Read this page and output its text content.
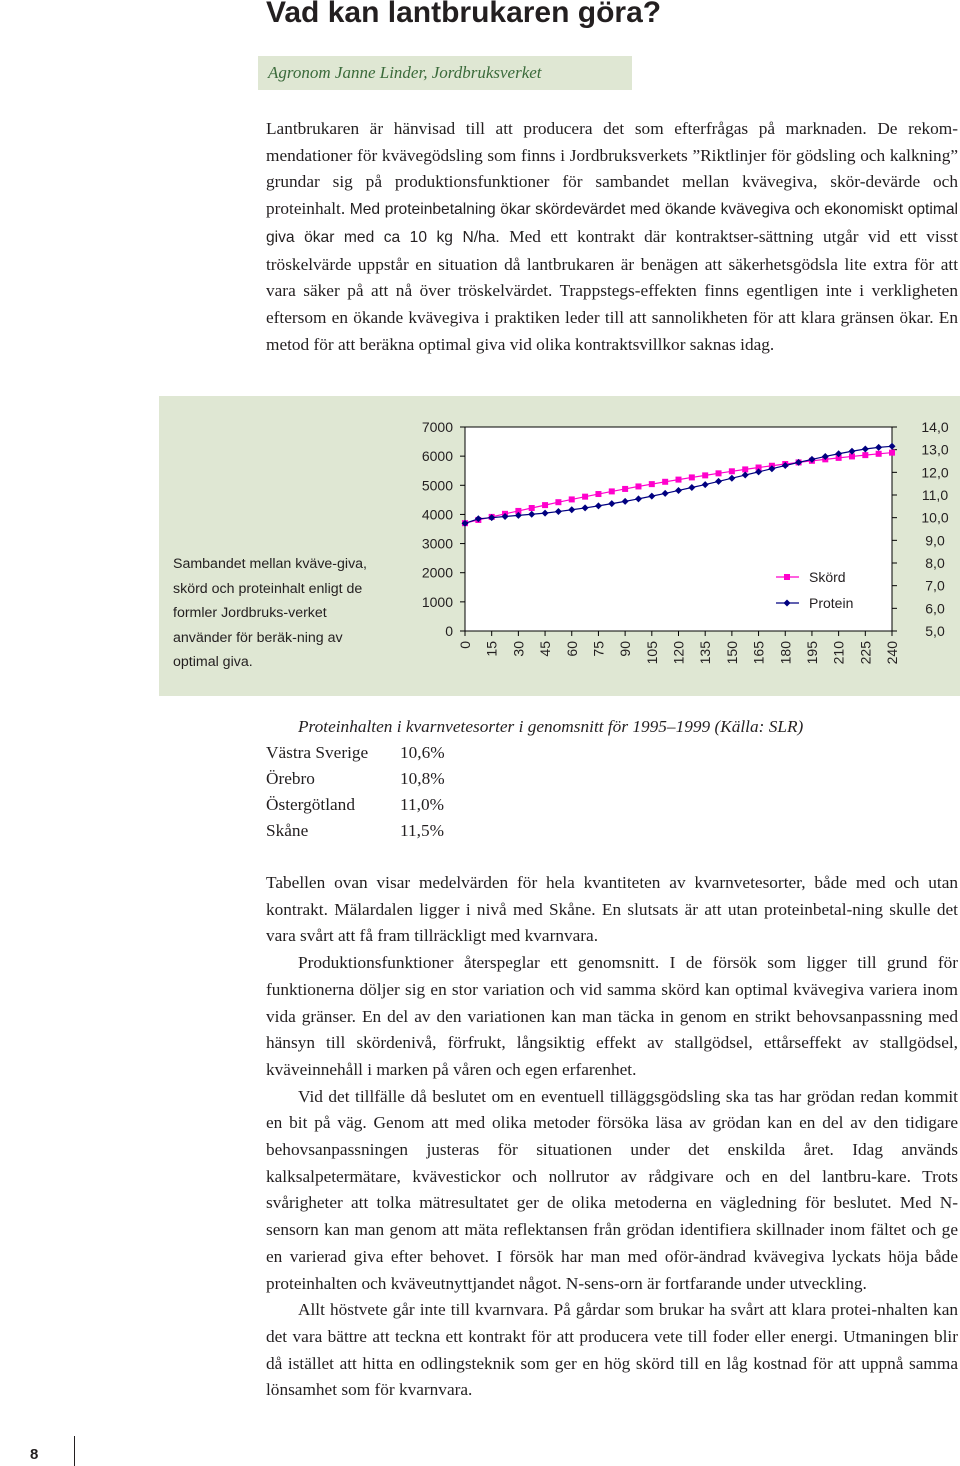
Vad kan lantbrukaren göra?
Agronom Janne Linder, Jordbruksverket
Lantbrukaren är hänvisad till att producera det som efterfrågas på marknaden. De rekom-mendationer för kvävegödsling som finns i Jordbruksverkets ”Riktlinjer för gödsling och kalkning” grundar sig på produktionsfunktioner för sambandet mellan kvävegiva, skör-devärde och proteinhalt. Med proteinbetalning ökar skördevärdet med ökande kvävegiva och ekonomiskt optimal giva ökar med ca 10 kg N/ha. Med ett kontrakt där kontraktser-sättning utgår vid ett visst tröskelvärde uppstår en situation då lantbrukaren är benägen att säkerhetsgödsla lite extra för att vara säker på att nå över tröskelvärdet. Trappstegs-effekten finns egentligen inte i verkligheten eftersom en ökande kvävegiva i praktiken leder till att sannolikheten för att klara gränsen ökar. En metod för att beräkna optimal giva vid olika kontraktsvillkor saknas idag.
Sambandet mellan kväve-giva, skörd och proteinhalt enligt de formler Jordbruks-verket använder för beräk-ning av optimal giva.
7000
6000
5000
4000
3000
2000
1000
0
14,0
13,0
12,0
11,0
10,0
9,0
8,0
7,0
6,0
5,0
0 15 30 45 60 75 90 105 120 135 150 165 180 195 210 225 240
Skörd
Protein
Proteinhalten i kvarnvetesorter i genomsnitt för 1995–1999 (Källa: SLR)
Västra Sverige 10,6%
Örebro	10,8%
Östergötland	11,0%
Skåne	11,5%

Tabellen ovan visar medelvärden för hela kvantiteten av kvarnvetesorter, både med och utan kontrakt. Mälardalen ligger i nivå med Skåne. En slutsats är att utan proteinbetal-ning skulle det vara svårt att få fram tillräckligt med kvarnvara.

Produktionsfunktioner återspeglar ett genomsnitt. I de försök som ligger till grund för funktionerna döljer sig en stor variation och vid samma skörd kan optimal kvävegiva variera inom vida gränser. En del av den variationen kan man täcka in genom en strikt behovsanpassning med hänsyn till skördenivå, förfrukt, långsiktig effekt av stallgödsel, ettårseffekt av stallgödsel, kväveinnehåll i marken på våren och egen erfarenhet.

Vid det tillfälle då beslutet om en eventuell tilläggsgödsling ska tas har grödan redan kommit en bit på väg. Genom att med olika metoder försöka läsa av grödan kan en del av den tidigare behovsanpassningen justeras för situationen under det enskilda året. Idag används kalksalpetermätare, kvävestickor och nollrutor av rådgivare och en del lantbru-kare. Trots svårigheter att tolka mätresultatet ger de olika metoderna en vägledning för beslutet. Med N-sensorn kan man genom att mäta reflektansen från grödan identifiera skillnader inom fältet och ge en varierad giva efter behovet. I försök har man med oför-ändrad kvävegiva lyckats höja både proteinhalten och kväveutnyttjandet något. N-sens-orn är fortfarande under utveckling.

Allt höstvete går inte till kvarnvara. På gårdar som brukar ha svårt att klara protei-nhalten kan det vara bättre att teckna ett kontrakt för att producera vete till foder eller energi. Utmaningen blir då istället att hitta en odlingsteknik som ger en hög skörd till en låg kostnad för att uppnå samma lönsamhet som för kvarnvara.

8
